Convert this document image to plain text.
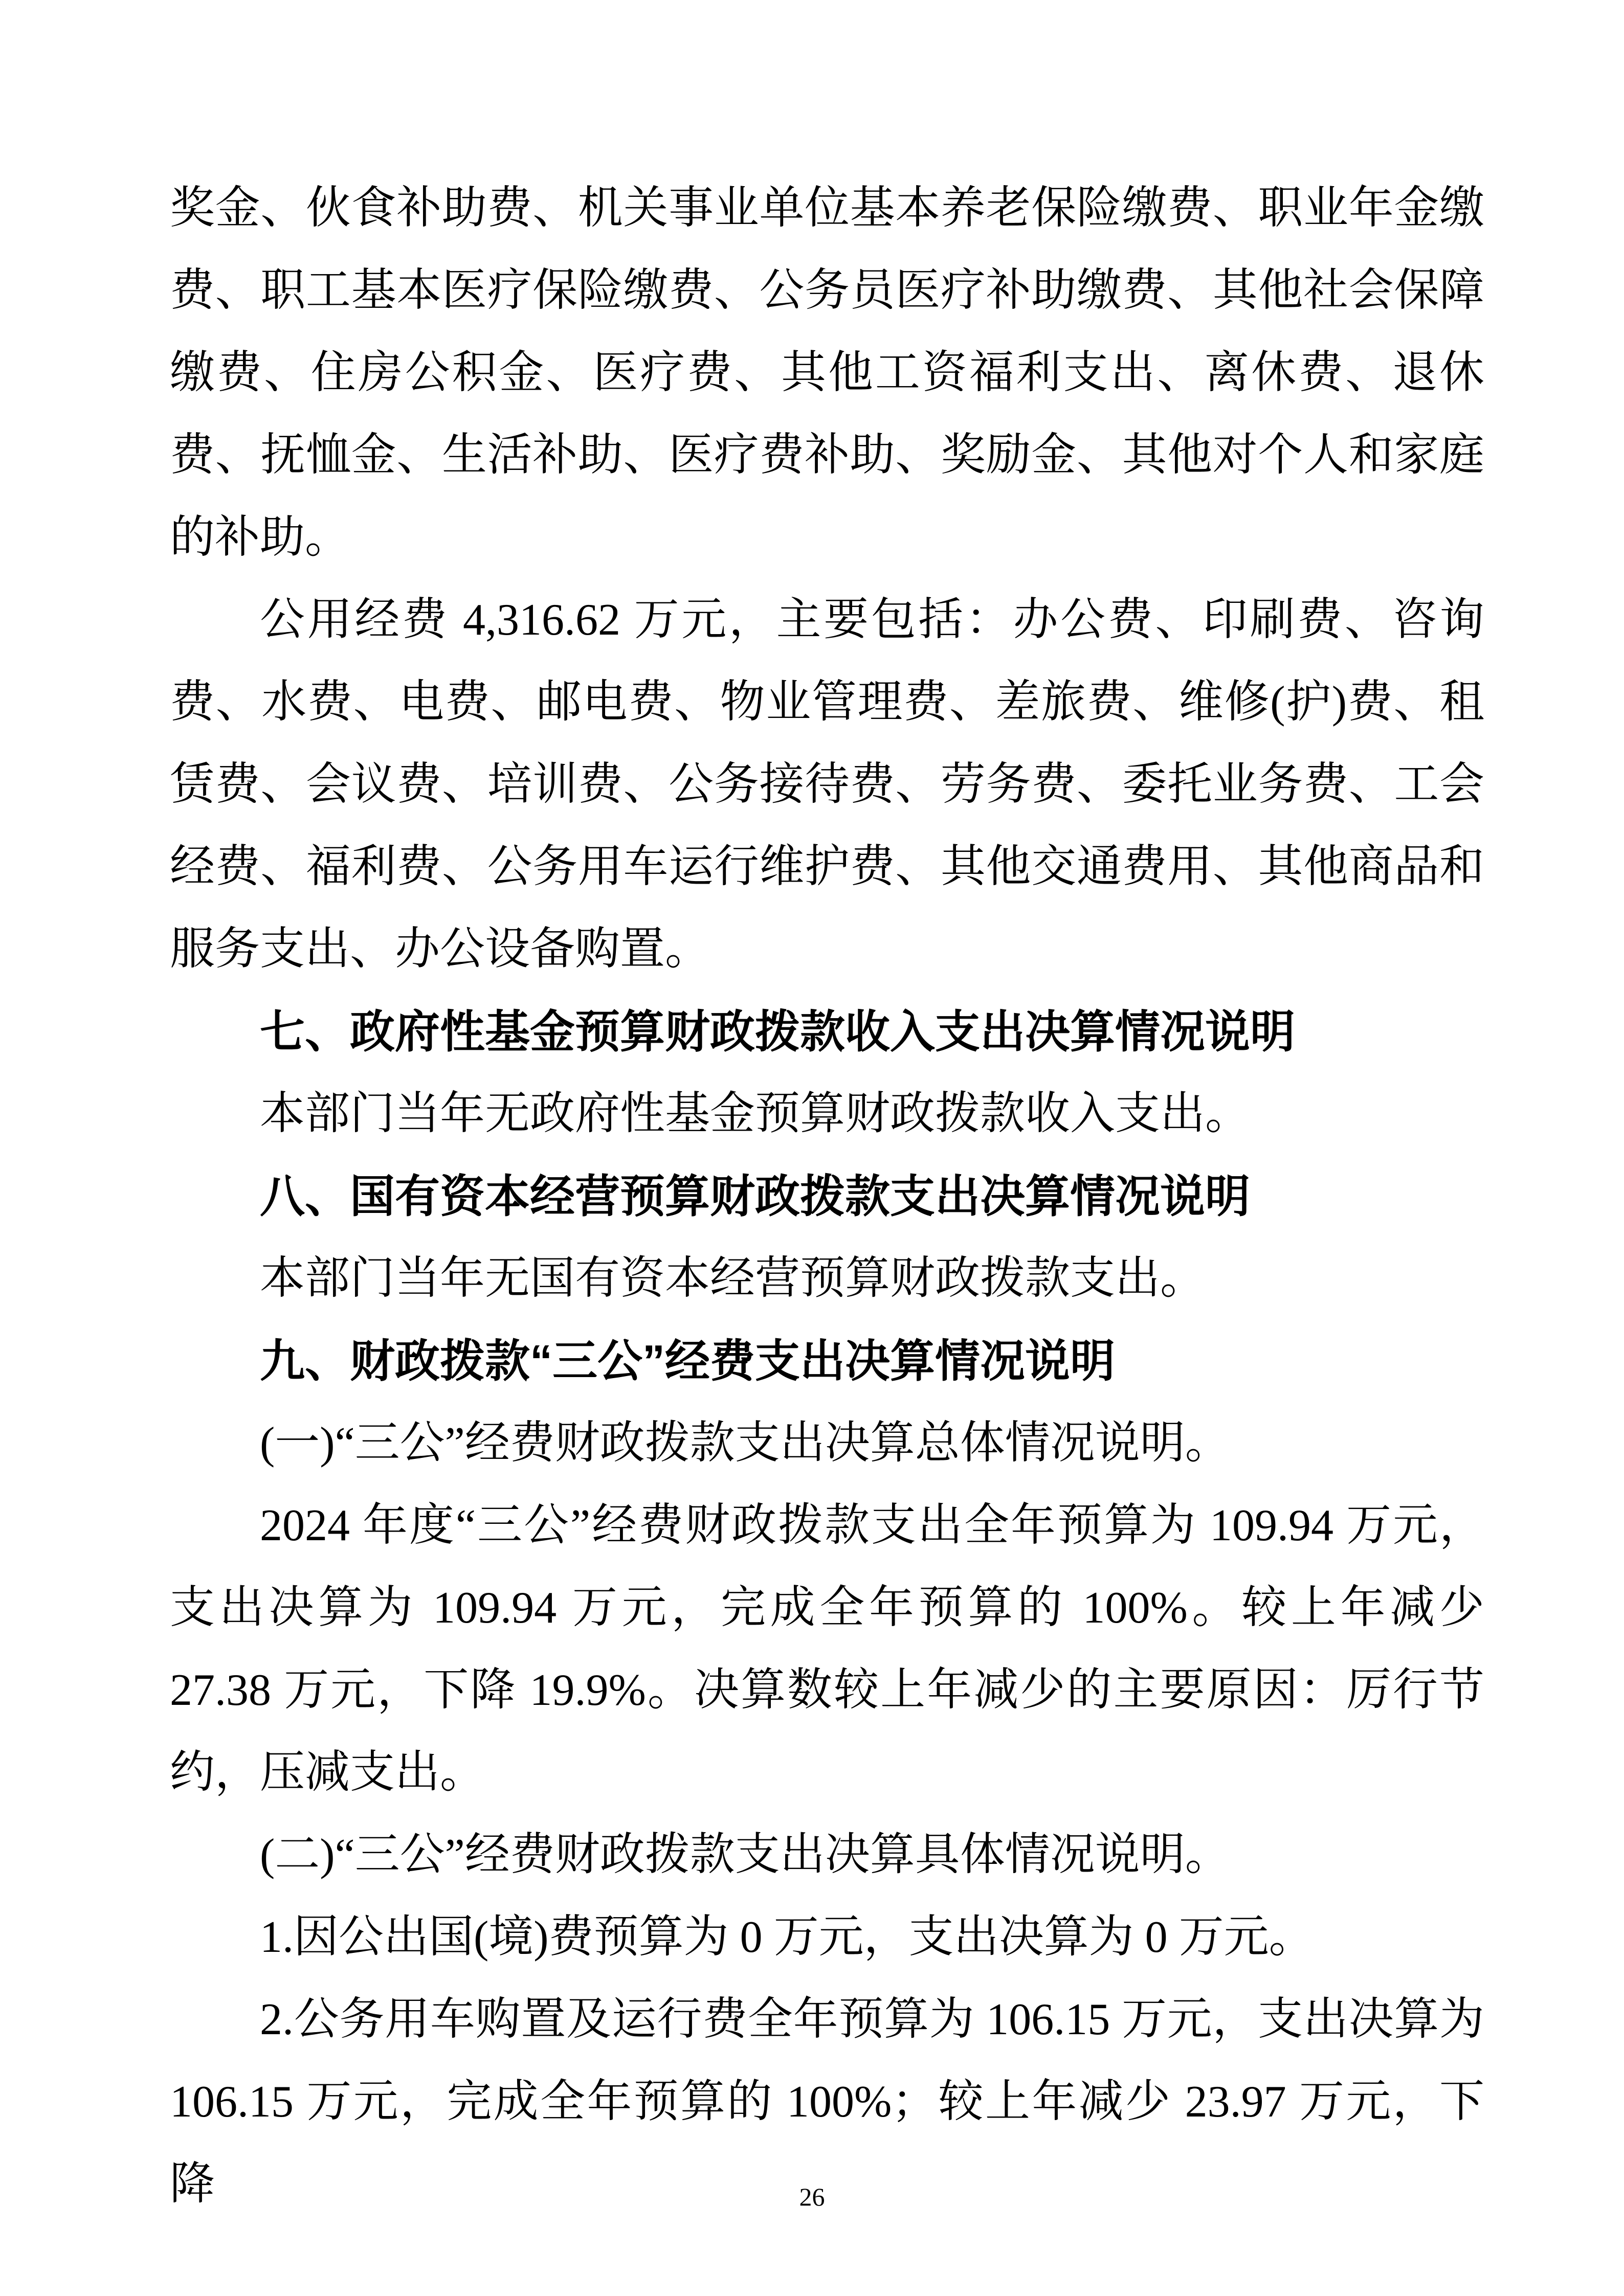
奖金、伙食补助费、机关事业单位基本养老保险缴费、职业年金缴费、职工基本医疗保险缴费、公务员医疗补助缴费、其他社会保障缴费、住房公积金、医疗费、其他工资福利支出、离休费、退休费、抚恤金、生活补助、医疗费补助、奖励金、其他对个人和家庭的补助。

公用经费 4,316.62 万元，主要包括：办公费、印刷费、咨询费、水费、电费、邮电费、物业管理费、差旅费、维修(护)费、租赁费、会议费、培训费、公务接待费、劳务费、委托业务费、工会经费、福利费、公务用车运行维护费、其他交通费用、其他商品和服务支出、办公设备购置。

七、政府性基金预算财政拨款收入支出决算情况说明

本部门当年无政府性基金预算财政拨款收入支出。

八、国有资本经营预算财政拨款支出决算情况说明

本部门当年无国有资本经营预算财政拨款支出。

九、财政拨款“三公”经费支出决算情况说明

(一)“三公”经费财政拨款支出决算总体情况说明。

2024 年度“三公”经费财政拨款支出全年预算为 109.94 万元，支出决算为 109.94 万元，完成全年预算的 100%。较上年减少 27.38 万元，下降 19.9%。决算数较上年减少的主要原因：厉行节约，压减支出。

(二)“三公”经费财政拨款支出决算具体情况说明。

1.因公出国(境)费预算为 0 万元，支出决算为 0 万元。

2.公务用车购置及运行费全年预算为 106.15 万元，支出决算为 106.15 万元，完成全年预算的 100%；较上年减少 23.97 万元，下降	26
